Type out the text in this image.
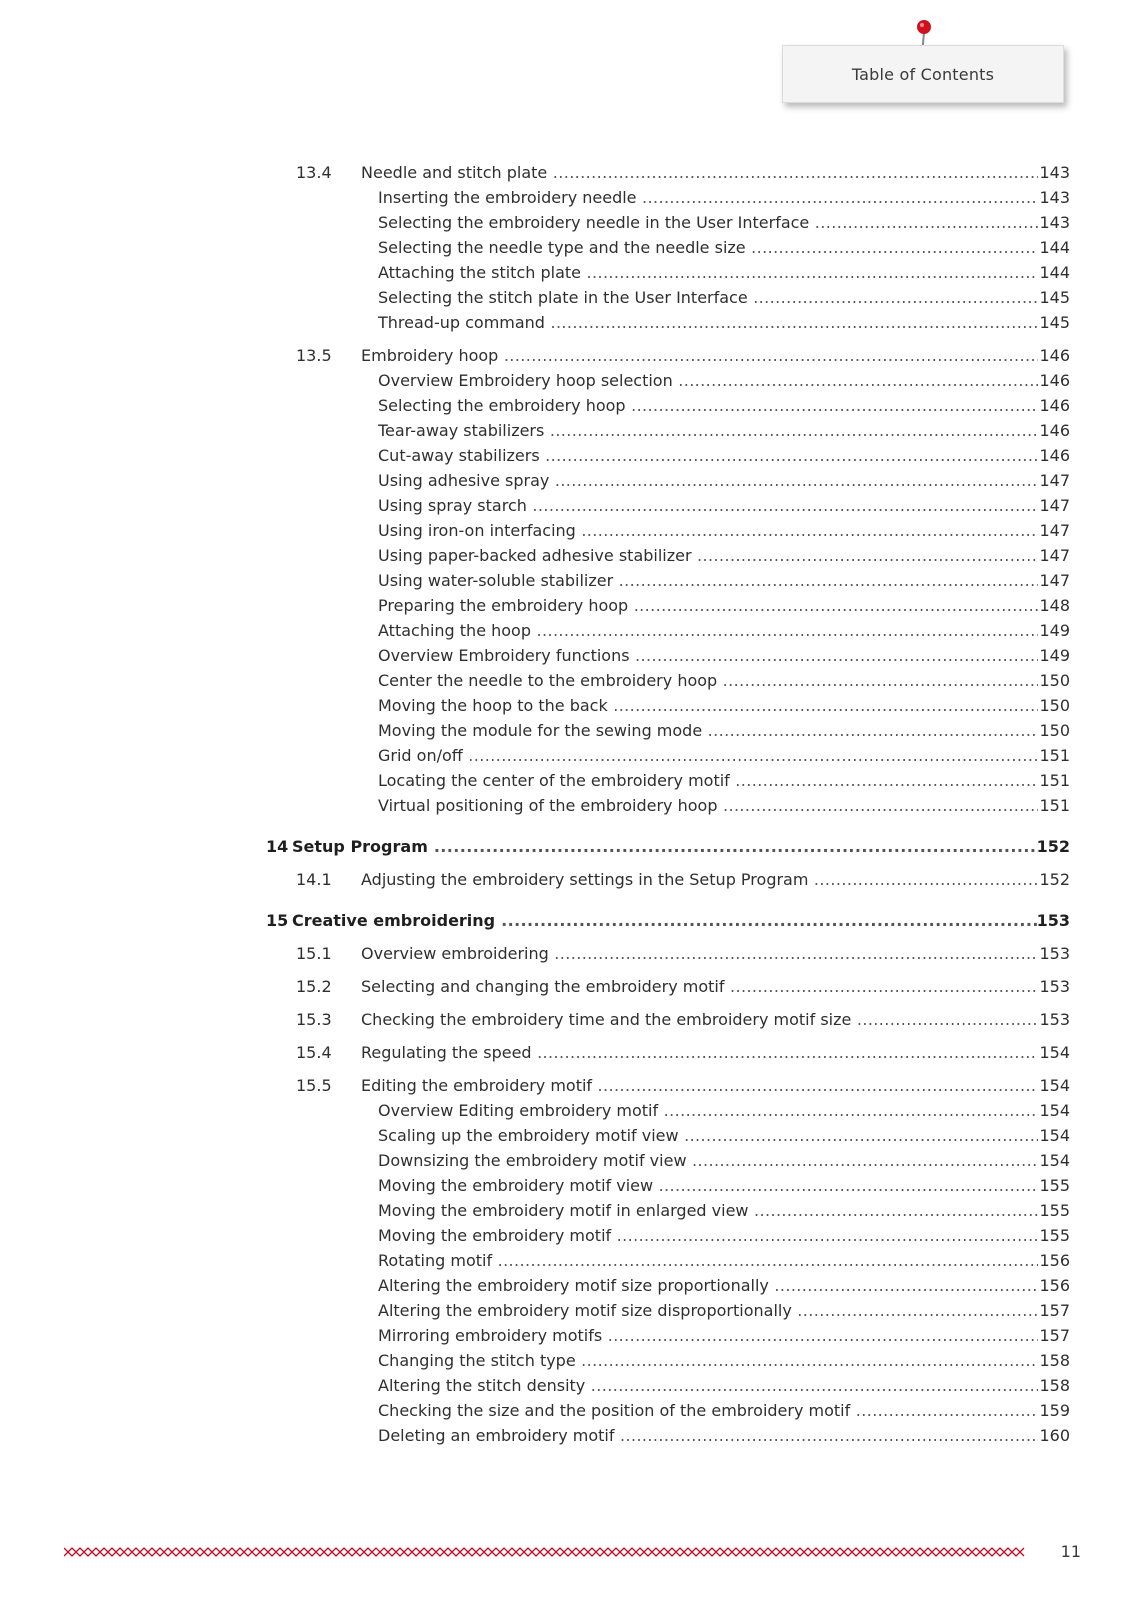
Table of Contents
13.4 Needle and stitch plate .....	143
Inserting the embroidery needle .....	143
Selecting the embroidery needle in the User Interface .....	143
Selecting the needle type and the needle size .....	144
Attaching the stitch plate .....	144
Selecting the stitch plate in the User Interface .....	145
Thread-up command .....	145
13.5 Embroidery hoop .....	146
Overview Embroidery hoop selection .....	146
Selecting the embroidery hoop .....	146
Tear-away stabilizers .....	146
Cut-away stabilizers .....	146
Using adhesive spray .....	147
Using spray starch .....	147
Using iron-on interfacing .....	147
Using paper-backed adhesive stabilizer .....	147
Using water-soluble stabilizer .....	147
Preparing the embroidery hoop .....	148
Attaching the hoop .....	149
Overview Embroidery functions .....	149
Center the needle to the embroidery hoop .....	150
Moving the hoop to the back .....	150
Moving the module for the sewing mode .....	150
Grid on/off .....	151
Locating the center of the embroidery motif .....	151
Virtual positioning of the embroidery hoop .....	151
14 Setup Program .....	152
14.1 Adjusting the embroidery settings in the Setup Program .....	152
15 Creative embroidering .....	153
15.1 Overview embroidering .....	153
15.2 Selecting and changing the embroidery motif .....	153
15.3 Checking the embroidery time and the embroidery motif size .....	153
15.4 Regulating the speed .....	154
15.5 Editing the embroidery motif .....	154
Overview Editing embroidery motif .....	154
Scaling up the embroidery motif view .....	154
Downsizing the embroidery motif view .....	154
Moving the embroidery motif view .....	155
Moving the embroidery motif in enlarged view .....	155
Moving the embroidery motif .....	155
Rotating motif .....	156
Altering the embroidery motif size proportionally .....	156
Altering the embroidery motif size disproportionally .....	157
Mirroring embroidery motifs .....	157
Changing the stitch type .....	158
Altering the stitch density .....	158
Checking the size and the position of the embroidery motif .....	159
Deleting an embroidery motif .....	160
11
